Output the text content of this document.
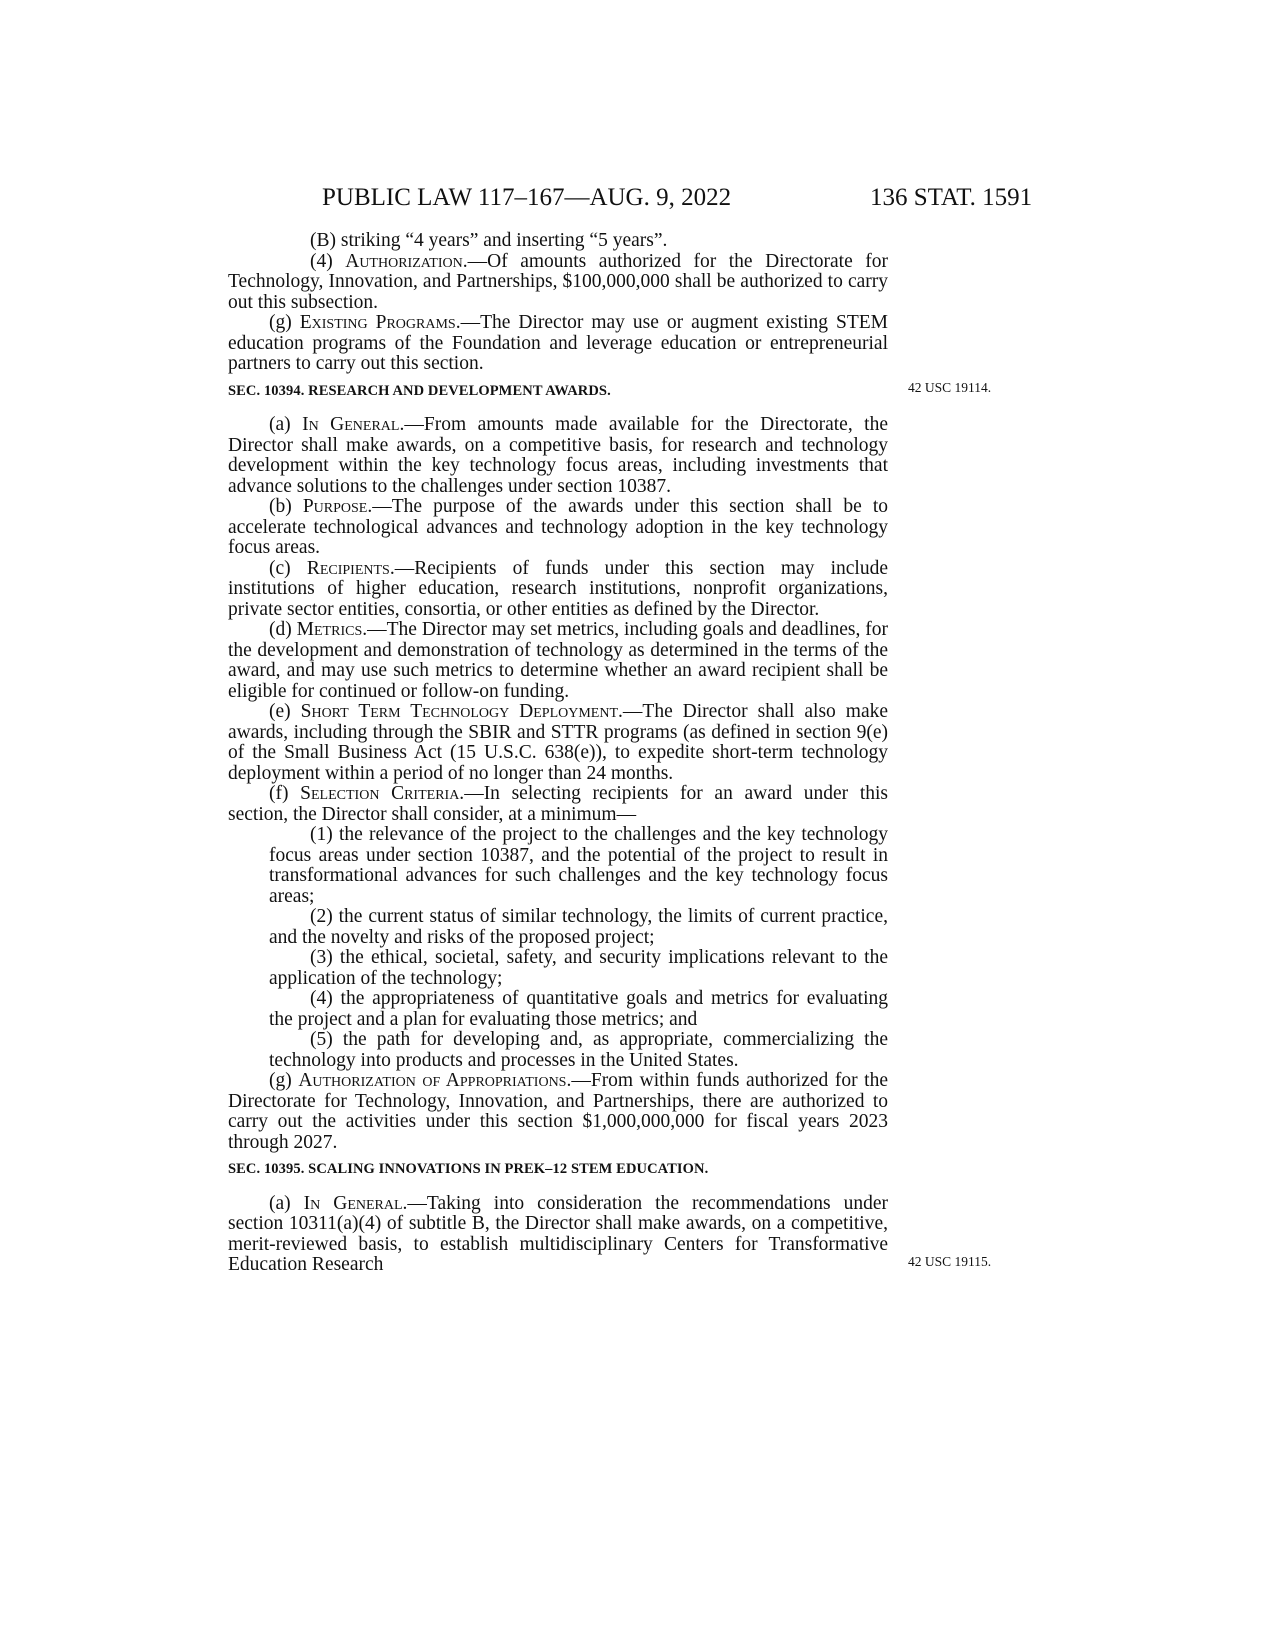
PUBLIC LAW 117–167—AUG. 9, 2022	136 STAT. 1591
(B) striking “4 years” and inserting “5 years”.
(4) Authorization.—Of amounts authorized for the Directorate for Technology, Innovation, and Partnerships, $100,000,000 shall be authorized to carry out this subsection.
(g) Existing Programs.—The Director may use or augment existing STEM education programs of the Foundation and leverage education or entrepreneurial partners to carry out this section.
SEC. 10394. RESEARCH AND DEVELOPMENT AWARDS.
(a) In General.—From amounts made available for the Directorate, the Director shall make awards, on a competitive basis, for research and technology development within the key technology focus areas, including investments that advance solutions to the challenges under section 10387.
(b) Purpose.—The purpose of the awards under this section shall be to accelerate technological advances and technology adoption in the key technology focus areas.
(c) Recipients.—Recipients of funds under this section may include institutions of higher education, research institutions, nonprofit organizations, private sector entities, consortia, or other entities as defined by the Director.
(d) Metrics.—The Director may set metrics, including goals and deadlines, for the development and demonstration of technology as determined in the terms of the award, and may use such metrics to determine whether an award recipient shall be eligible for continued or follow-on funding.
(e) Short Term Technology Deployment.—The Director shall also make awards, including through the SBIR and STTR programs (as defined in section 9(e) of the Small Business Act (15 U.S.C. 638(e)), to expedite short-term technology deployment within a period of no longer than 24 months.
(f) Selection Criteria.—In selecting recipients for an award under this section, the Director shall consider, at a minimum—
(1) the relevance of the project to the challenges and the key technology focus areas under section 10387, and the potential of the project to result in transformational advances for such challenges and the key technology focus areas;
(2) the current status of similar technology, the limits of current practice, and the novelty and risks of the proposed project;
(3) the ethical, societal, safety, and security implications relevant to the application of the technology;
(4) the appropriateness of quantitative goals and metrics for evaluating the project and a plan for evaluating those metrics; and
(5) the path for developing and, as appropriate, commercializing the technology into products and processes in the United States.
(g) Authorization of Appropriations.—From within funds authorized for the Directorate for Technology, Innovation, and Partnerships, there are authorized to carry out the activities under this section $1,000,000,000 for fiscal years 2023 through 2027.
SEC. 10395. SCALING INNOVATIONS IN PREK–12 STEM EDUCATION.
(a) In General.—Taking into consideration the recommendations under section 10311(a)(4) of subtitle B, the Director shall make awards, on a competitive, merit-reviewed basis, to establish multidisciplinary Centers for Transformative Education Research
42 USC 19114.
42 USC 19115.
